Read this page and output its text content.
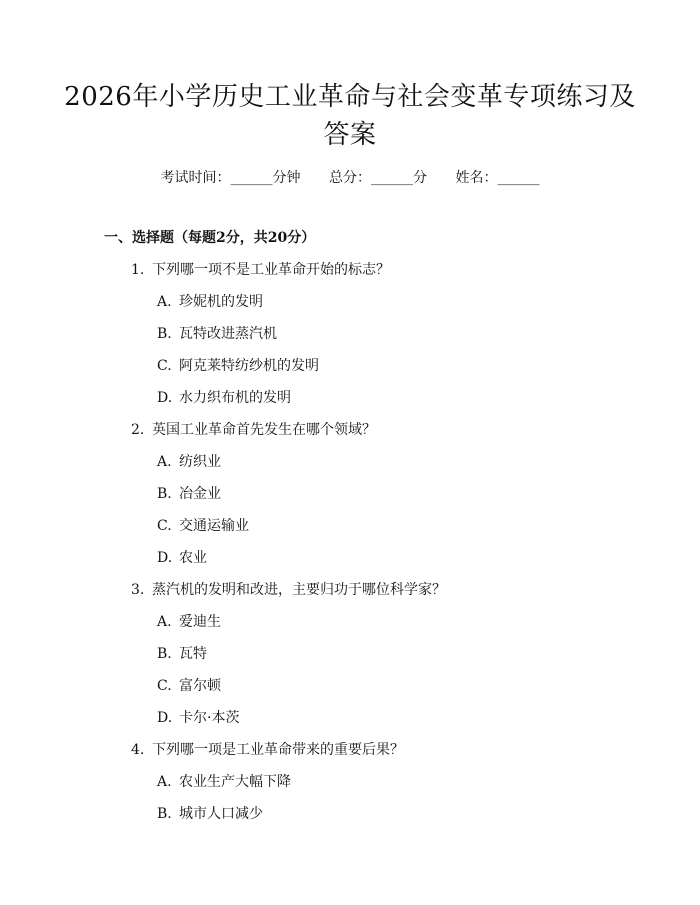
2026年小学历史工业革命与社会变革专项练习及答案
考试时间：______分钟 总分：______分 姓名：______
一、选择题（每题2分，共20分）
1. 下列哪一项不是工业革命开始的标志？
A. 珍妮机的发明
B. 瓦特改进蒸汽机
C. 阿克莱特纺纱机的发明
D. 水力织布机的发明
2. 英国工业革命首先发生在哪个领域？
A. 纺织业
B. 冶金业
C. 交通运输业
D. 农业
3. 蒸汽机的发明和改进，主要归功于哪位科学家？
A. 爱迪生
B. 瓦特
C. 富尔顿
D. 卡尔·本茨
4. 下列哪一项是工业革命带来的重要后果？
A. 农业生产大幅下降
B. 城市人口减少
